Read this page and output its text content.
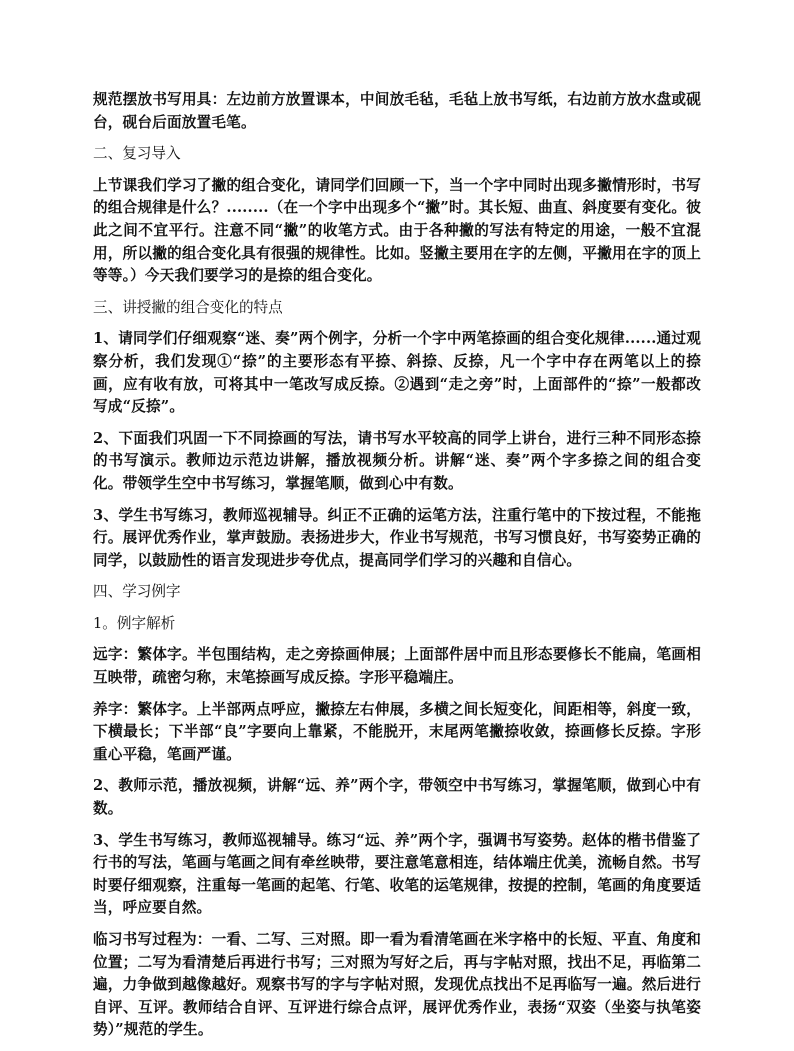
规范摆放书写用具：左边前方放置课本，中间放毛毡，毛毡上放书写纸，右边前方放水盘或砚台，砚台后面放置毛笔。

二、复习导入

上节课我们学习了撇的组合变化，请同学们回顾一下，当一个字中同时出现多撇情形时，书写的组合规律是什么？........（在一个字中出现多个“撇”时。其长短、曲直、斜度要有变化。彼此之间不宜平行。注意不同“撇”的收笔方式。由于各种撇的写法有特定的用途，一般不宜混用，所以撇的组合变化具有很强的规律性。比如。竖撇主要用在字的左侧，平撇用在字的顶上等等。）今天我们要学习的是捺的组合变化。

三、讲授撇的组合变化的特点

1、请同学们仔细观察“迷、奏”两个例字，分析一个字中两笔捺画的组合变化规律......通过观察分析，我们发现①“捺”的主要形态有平捺、斜捺、反捺，凡一个字中存在两笔以上的捺画，应有收有放，可将其中一笔改写成反捺。②遇到“走之旁”时，上面部件的“捺”一般都改写成“反捺”。

2、下面我们巩固一下不同捺画的写法，请书写水平较高的同学上讲台，进行三种不同形态捺的书写演示。教师边示范边讲解，播放视频分析。讲解“迷、奏”两个字多捺之间的组合变化。带领学生空中书写练习，掌握笔顺，做到心中有数。

3、学生书写练习，教师巡视辅导。纠正不正确的运笔方法，注重行笔中的下按过程，不能拖行。展评优秀作业，掌声鼓励。表扬进步大，作业书写规范，书写习惯良好，书写姿势正确的同学，以鼓励性的语言发现进步夸优点，提高同学们学习的兴趣和自信心。

四、学习例字

1。例字解析

远字：繁体字。半包围结构，走之旁捺画伸展；上面部件居中而且形态要修长不能扁，笔画相互映带，疏密匀称，末笔捺画写成反捺。字形平稳端庄。

养字：繁体字。上半部两点呼应，撇捺左右伸展，多横之间长短变化，间距相等，斜度一致，下横最长；下半部“良”字要向上靠紧，不能脱开，末尾两笔撇捺收敛，捺画修长反捺。字形重心平稳，笔画严谨。

2、教师示范，播放视频，讲解“远、养”两个字，带领空中书写练习，掌握笔顺，做到心中有数。

3、学生书写练习，教师巡视辅导。练习“远、养”两个字，强调书写姿势。赵体的楷书借鉴了行书的写法，笔画与笔画之间有牵丝映带，要注意笔意相连，结体端庄优美，流畅自然。书写时要仔细观察，注重每一笔画的起笔、行笔、收笔的运笔规律，按提的控制，笔画的角度要适当，呼应要自然。

临习书写过程为：一看、二写、三对照。即一看为看清笔画在米字格中的长短、平直、角度和位置；二写为看清楚后再进行书写；三对照为写好之后，再与字帖对照，找出不足，再临第二遍，力争做到越像越好。观察书写的字与字帖对照，发现优点找出不足再临写一遍。然后进行自评、互评。教师结合自评、互评进行综合点评，展评优秀作业，表扬“双姿（坐姿与执笔姿势）”规范的学生。
